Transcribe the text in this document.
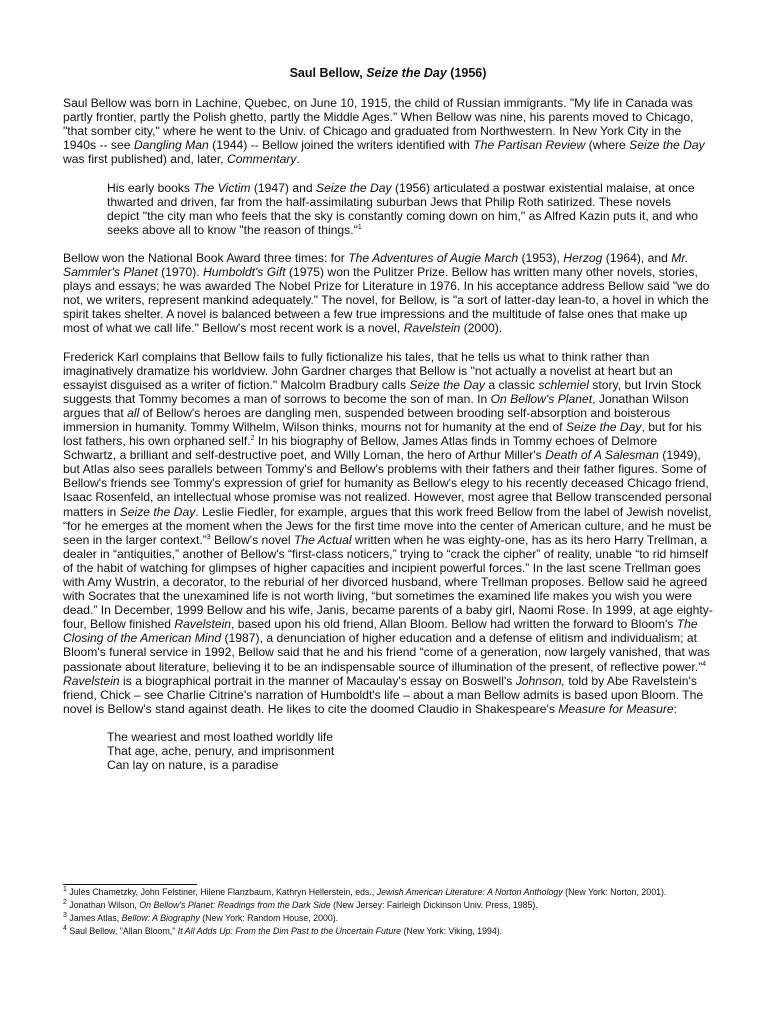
Saul Bellow, Seize the Day (1956)

Saul Bellow was born in Lachine, Quebec, on June 10, 1915, the child of Russian immigrants. "My life in Canada was partly frontier, partly the Polish ghetto, partly the Middle Ages." When Bellow was nine, his parents moved to Chicago, "that somber city," where he went to the Univ. of Chicago and graduated from Northwestern. In New York City in the 1940s -- see Dangling Man (1944) -- Bellow joined the writers identified with The Partisan Review (where Seize the Day was first published) and, later, Commentary.

His early books The Victim (1947) and Seize the Day (1956) articulated a postwar existential malaise, at once thwarted and driven, far from the half-assimilating suburban Jews that Philip Roth satirized. These novels depict "the city man who feels that the sky is constantly coming down on him," as Alfred Kazin puts it, and who seeks above all to know "the reason of things."$^1$

Bellow won the National Book Award three times: for The Adventures of Augie March (1953), Herzog (1964), and Mr. Sammler's Planet (1970). Humboldt's Gift (1975) won the Pulitzer Prize. Bellow has written many other novels, stories, plays and essays; he was awarded The Nobel Prize for Literature in 1976. In his acceptance address Bellow said "we do not, we writers, represent mankind adequately." The novel, for Bellow, is "a sort of latter-day lean-to, a hovel in which the spirit takes shelter. A novel is balanced between a few true impressions and the multitude of false ones that make up most of what we call life." Bellow's most recent work is a novel, Ravelstein (2000).

Frederick Karl complains that Bellow fails to fully fictionalize his tales, that he tells us what to think rather than imaginatively dramatize his worldview. John Gardner charges that Bellow is "not actually a novelist at heart but an essayist disguised as a writer of fiction." Malcolm Bradbury calls Seize the Day a classic schlemiel story, but Irvin Stock suggests that Tommy becomes a man of sorrows to become the son of man. In On Bellow's Planet, Jonathan Wilson argues that all of Bellow's heroes are dangling men, suspended between brooding self-absorption and boisterous immersion in humanity. Tommy Wilhelm, Wilson thinks, mourns not for humanity at the end of Seize the Day, but for his lost fathers, his own orphaned self.$^2$ In his biography of Bellow, James Atlas finds in Tommy echoes of Delmore Schwartz, a brilliant and self-destructive poet, and Willy Loman, the hero of Arthur Miller's Death of A Salesman (1949), but Atlas also sees parallels between Tommy's and Bellow's problems with their fathers and their father figures. Some of Bellow's friends see Tommy's expression of grief for humanity as Bellow's elegy to his recently deceased Chicago friend, Isaac Rosenfeld, an intellectual whose promise was not realized. However, most agree that Bellow transcended personal matters in Seize the Day. Leslie Fiedler, for example, argues that this work freed Bellow from the label of Jewish novelist, “for he emerges at the moment when the Jews for the first time move into the center of American culture, and he must be seen in the larger context.”$^3$ Bellow's novel The Actual written when he was eighty-one, has as its hero Harry Trellman, a dealer in “antiquities,” another of Bellow's “first-class noticers,” trying to “crack the cipher” of reality, unable “to rid himself of the habit of watching for glimpses of higher capacities and incipient powerful forces.” In the last scene Trellman goes with Amy Wustrin, a decorator, to the reburial of her divorced husband, where Trellman proposes. Bellow said he agreed with Socrates that the unexamined life is not worth living, “but sometimes the examined life makes you wish you were dead.” In December, 1999 Bellow and his wife, Janis, became parents of a baby girl, Naomi Rose. In 1999, at age eighty-four, Bellow finished Ravelstein, based upon his old friend, Allan Bloom. Bellow had written the forward to Bloom's The Closing of the American Mind (1987), a denunciation of higher education and a defense of elitism and individualism; at Bloom's funeral service in 1992, Bellow said that he and his friend “come of a generation, now largely vanished, that was passionate about literature, believing it to be an indispensable source of illumination of the present, of reflective power.”$^4$ Ravelstein is a biographical portrait in the manner of Macaulay's essay on Boswell's Johnson, told by Abe Ravelstein's friend, Chick – see Charlie Citrine's narration of Humboldt's life – about a man Bellow admits is based upon Bloom. The novel is Bellow's stand against death. He likes to cite the doomed Claudio in Shakespeare's Measure for Measure:

The weariest and most loathed worldly life
That age, ache, penury, and imprisonment
Can lay on nature, is a paradise
$^1$ Jules Chametzky, John Felstiner, Hilene Flanzbaum, Kathryn Hellerstein, eds., Jewish American Literature: A Norton Anthology (New York: Norton, 2001).
$^2$ Jonathan Wilson, On Bellow's Planet: Readings from the Dark Side (New Jersey: Fairleigh Dickinson Univ. Press, 1985).
$^3$ James Atlas, Bellow: A Biography (New York: Random House, 2000).
$^4$ Saul Bellow, "Allan Bloom," It All Adds Up: From the Dim Past to the Uncertain Future (New York: Viking, 1994).
